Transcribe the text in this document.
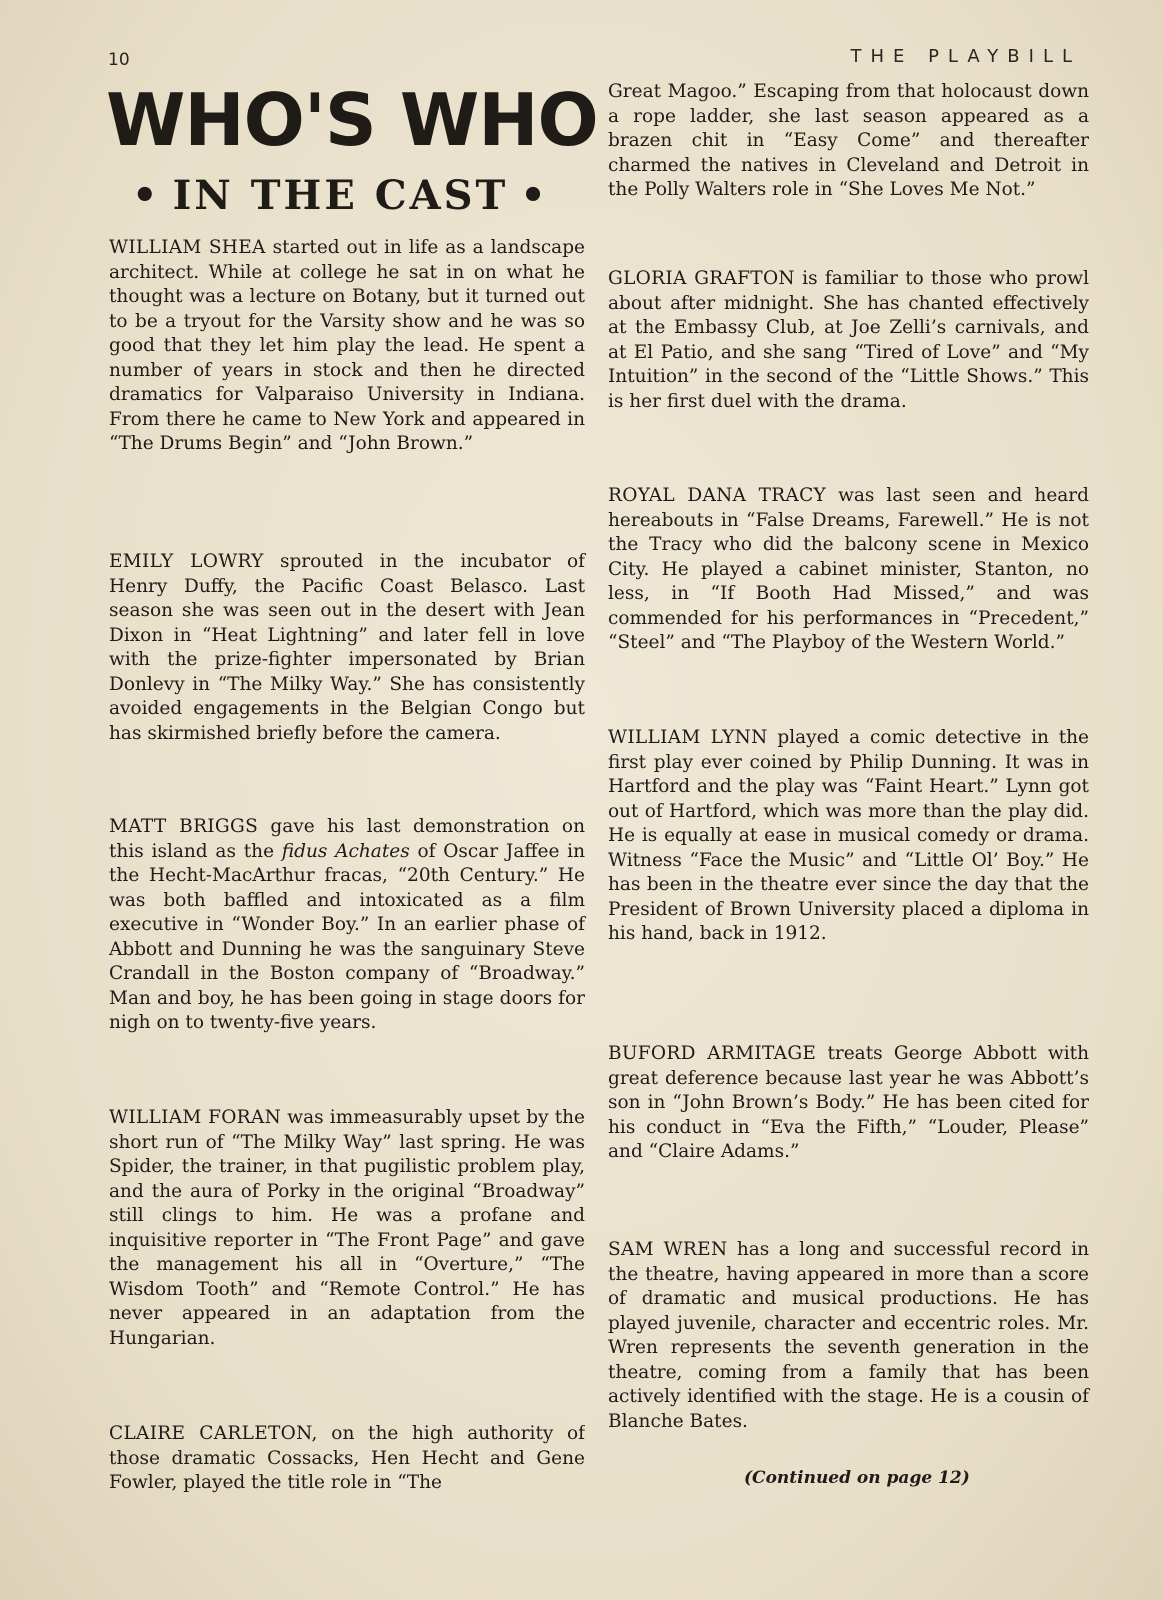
10	THE PLAYBILL
WHO'S WHO
• IN THE CAST •

WILLIAM SHEA started out in life as a landscape architect. While at college he sat in on what he thought was a lecture on Botany, but it turned out to be a tryout for the Varsity show and he was so good that they let him play the lead. He spent a number of years in stock and then he directed dramatics for Valparaiso University in Indiana. From there he came to New York and appeared in “The Drums Begin” and “John Brown.”

EMILY LOWRY sprouted in the incubator of Henry Duffy, the Pacific Coast Belasco. Last season she was seen out in the desert with Jean Dixon in “Heat Lightning” and later fell in love with the prize-fighter impersonated by Brian Donlevy in “The Milky Way.” She has consistently avoided engagements in the Belgian Congo but has skirmished briefly before the camera.

MATT BRIGGS gave his last demonstration on this island as the fidus Achates of Oscar Jaffee in the Hecht-MacArthur fracas, “20th Century.” He was both baffled and intoxicated as a film executive in “Wonder Boy.” In an earlier phase of Abbott and Dunning he was the sanguinary Steve Crandall in the Boston company of “Broadway.” Man and boy, he has been going in stage doors for nigh on to twenty-five years.

WILLIAM FORAN was immeasurably upset by the short run of “The Milky Way” last spring. He was Spider, the trainer, in that pugilistic problem play, and the aura of Porky in the original “Broadway” still clings to him. He was a profane and inquisitive reporter in “The Front Page” and gave the management his all in “Overture,” “The Wisdom Tooth” and “Remote Control.” He has never appeared in an adaptation from the Hungarian.

CLAIRE CARLETON, on the high authority of those dramatic Cossacks, Hen Hecht and Gene Fowler, played the title role in “The

Great Magoo.” Escaping from that holocaust down a rope ladder, she last season appeared as a brazen chit in “Easy Come” and thereafter charmed the natives in Cleveland and Detroit in the Polly Walters role in “She Loves Me Not.”

GLORIA GRAFTON is familiar to those who prowl about after midnight. She has chanted effectively at the Embassy Club, at Joe Zelli’s carnivals, and at El Patio, and she sang “Tired of Love” and “My Intuition” in the second of the “Little Shows.” This is her first duel with the drama.

ROYAL DANA TRACY was last seen and heard hereabouts in “False Dreams, Farewell.” He is not the Tracy who did the balcony scene in Mexico City. He played a cabinet minister, Stanton, no less, in “If Booth Had Missed,” and was commended for his performances in “Precedent,” “Steel” and “The Playboy of the Western World.”

WILLIAM LYNN played a comic detective in the first play ever coined by Philip Dunning. It was in Hartford and the play was “Faint Heart.” Lynn got out of Hartford, which was more than the play did. He is equally at ease in musical comedy or drama. Witness “Face the Music” and “Little Ol’ Boy.” He has been in the theatre ever since the day that the President of Brown University placed a diploma in his hand, back in 1912.

BUFORD ARMITAGE treats George Abbott with great deference because last year he was Abbott’s son in “John Brown’s Body.” He has been cited for his conduct in “Eva the Fifth,” “Louder, Please” and “Claire Adams.”

SAM WREN has a long and successful record in the theatre, having appeared in more than a score of dramatic and musical productions. He has played juvenile, character and eccentric roles. Mr. Wren represents the seventh generation in the theatre, coming from a family that has been actively identified with the stage. He is a cousin of Blanche Bates.

(Continued on page 12)
